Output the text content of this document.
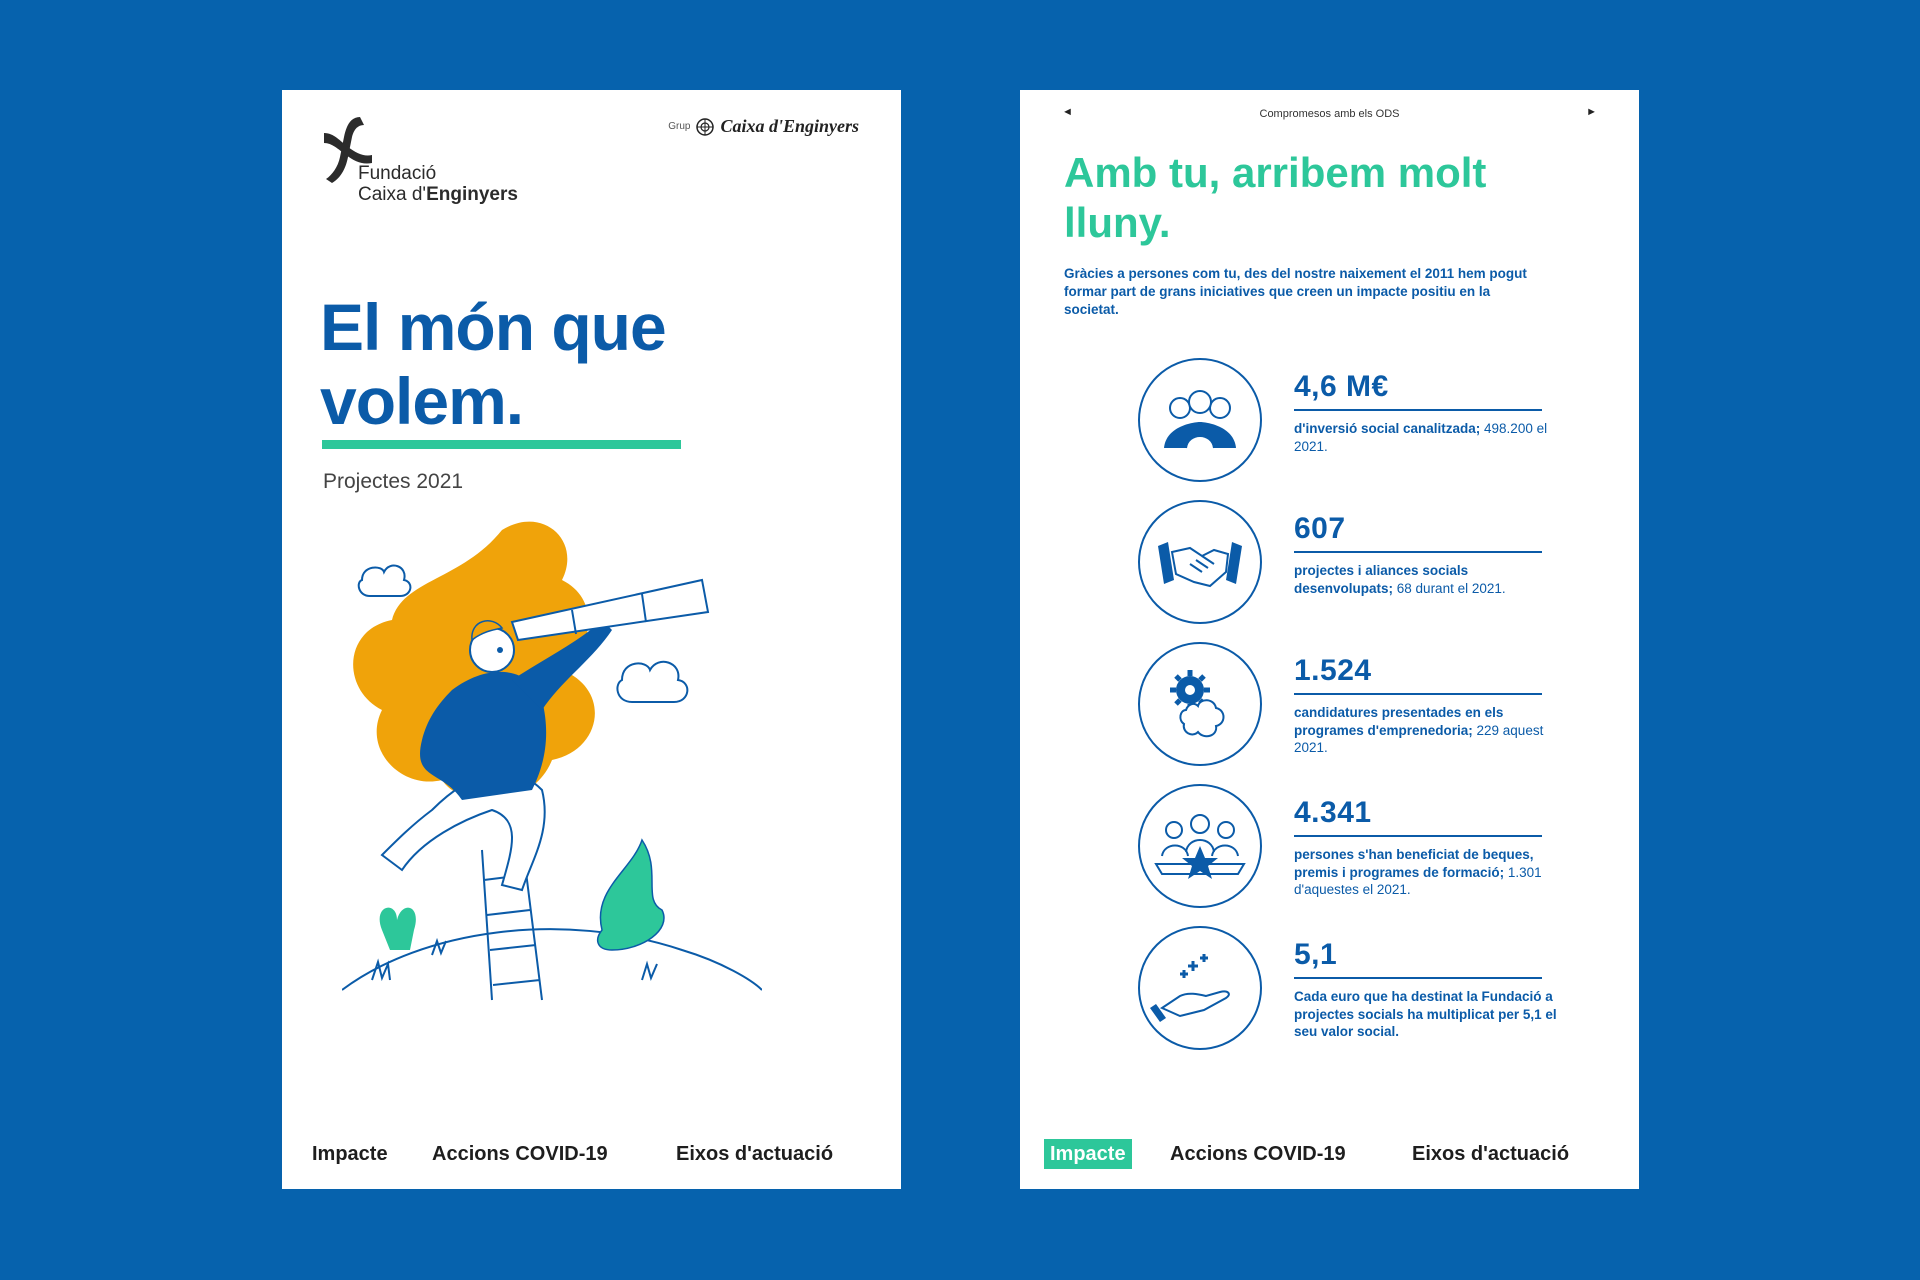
Fundació
Caixa d'Enginyers
Grup Caixa d'Enginyers
El món que volem.
Projectes 2021
Impacte	Accions COVID-19	Eixos d'actuació
◄	Compromesos amb els ODS	►
Amb tu, arribem molt lluny.
Gràcies a persones com tu, des del nostre naixement el 2011 hem pogut formar part de grans iniciatives que creen un impacte positiu en la societat.
4,6 M€
d'inversió social canalitzada; 498.200 el 2021.
607
projectes i aliances socials desenvolupats; 68 durant el 2021.
1.524
candidatures presentades en els programes d'emprenedoria; 229 aquest 2021.
4.341
persones s'han beneficiat de beques, premis i programes de formació; 1.301 d'aquestes el 2021.
5,1
Cada euro que ha destinat la Fundació a projectes socials ha multiplicat per 5,1 el seu valor social.
Impacte	Accions COVID-19	Eixos d'actuació
